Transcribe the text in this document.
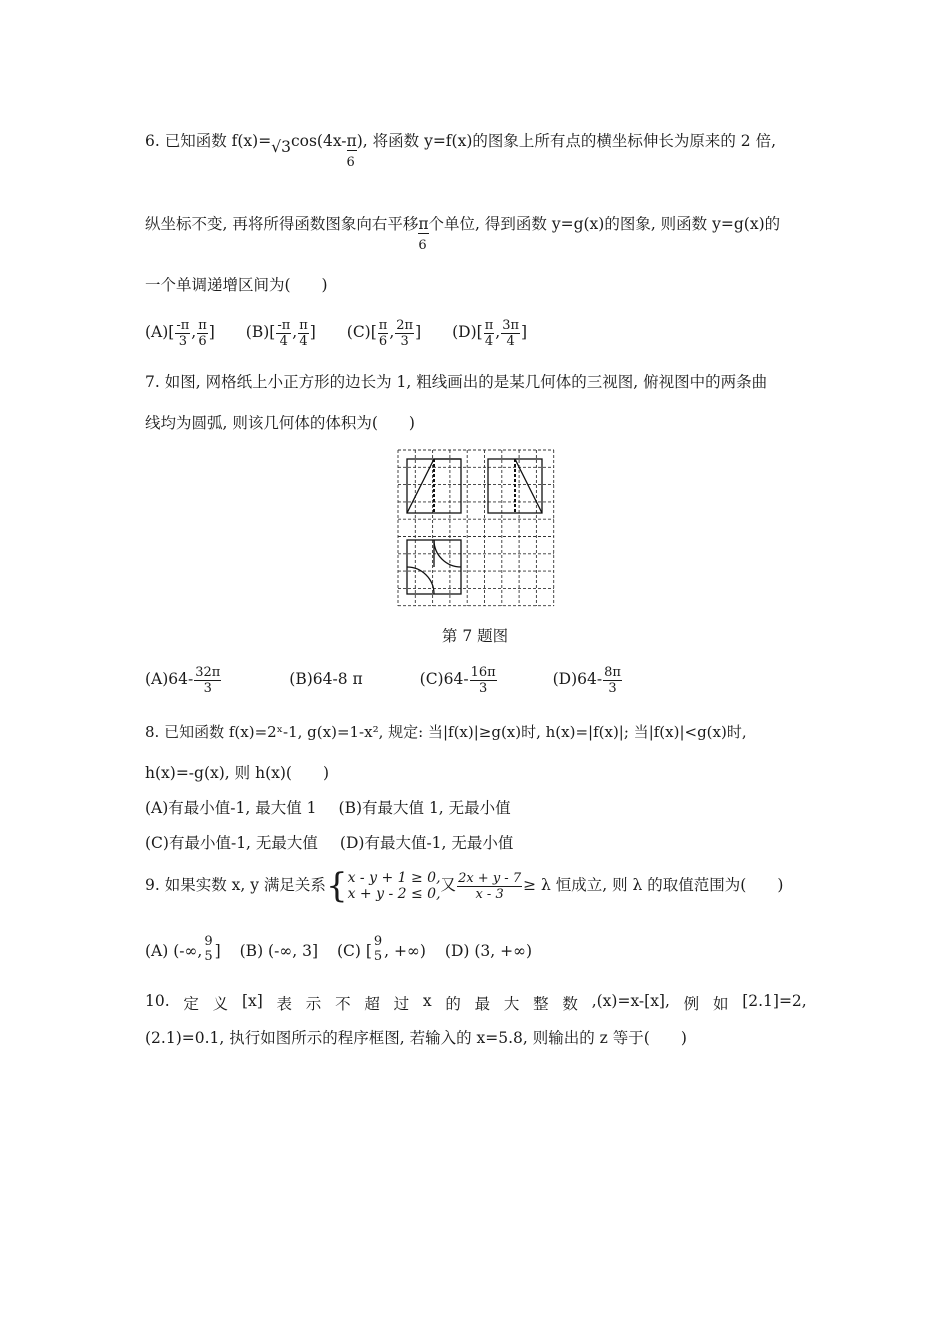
6. 已知函数 f(x)=√3cos(4x-π
6
), 将函数 y=f(x)的图象上所有点的横坐标伸长为原来的 2 倍,
纵坐标不变, 再将所得函数图象向右平移π
6
个单位, 得到函数 y=g(x)的图象, 则函数 y=g(x)的
一个单调递增区间为(　　)
$(A)[ \frac{-\pi}{3}$ , $\frac{\pi}{6}$ ] $(B)[ \frac{-\pi}{4}$ , $\frac{\pi}{4}$ ] $(C)[ \frac{\pi}{6}$ , $\frac{2\pi}{3}$ ] $(D)[ \frac{\pi}{4}$ , $\frac{3\pi}{4}$ ]
7. 如图, 网格纸上小正方形的边长为 1, 粗线画出的是某几何体的三视图, 俯视图中的两条曲
线均为圆弧, 则该几何体的体积为(　　)
第 7 题图
$(A)64- \frac{32\pi}{3}$	(B)64-8 π	$(C)64- \frac{16\pi}{3}$	$(D)64- \frac{8\pi}{3}$
8. 已知函数 f(x)=2ˣ-1, g(x)=1-x², 规定: 当|f(x)|≥g(x)时, h(x)=|f(x)|; 当|f(x)|<g(x)时,
h(x)=-g(x), 则 h(x)(　　)
(A)有最小值-1, 最大值 1 (B)有最大值 1, 无最小值
(C)有最小值-1, 无最大值 (D)有最大值-1, 无最小值
9. 如果实数 x, y 满足关系{ x - y + 1 ≥ 0,
x + y - 2 ≤ 0, 又 $\frac{2x + y - 7}{x - 3} \ge \lambda$ 恒成立, 则 λ 的取值范围为(　　)
(A) (-∞,
9
5 ] (B) (-∞, 3] (C) [
9
5 , +∞) (D) (3, +∞)
10. 定 义 [x] 表 示 不 超 过 x 的 最 大 整 数 ,(x)=x-[x], 例 如 [2.1]=2,
(2.1)=0.1, 执行如图所示的程序框图, 若输入的 x=5.8, 则输出的 z 等于(　　)
